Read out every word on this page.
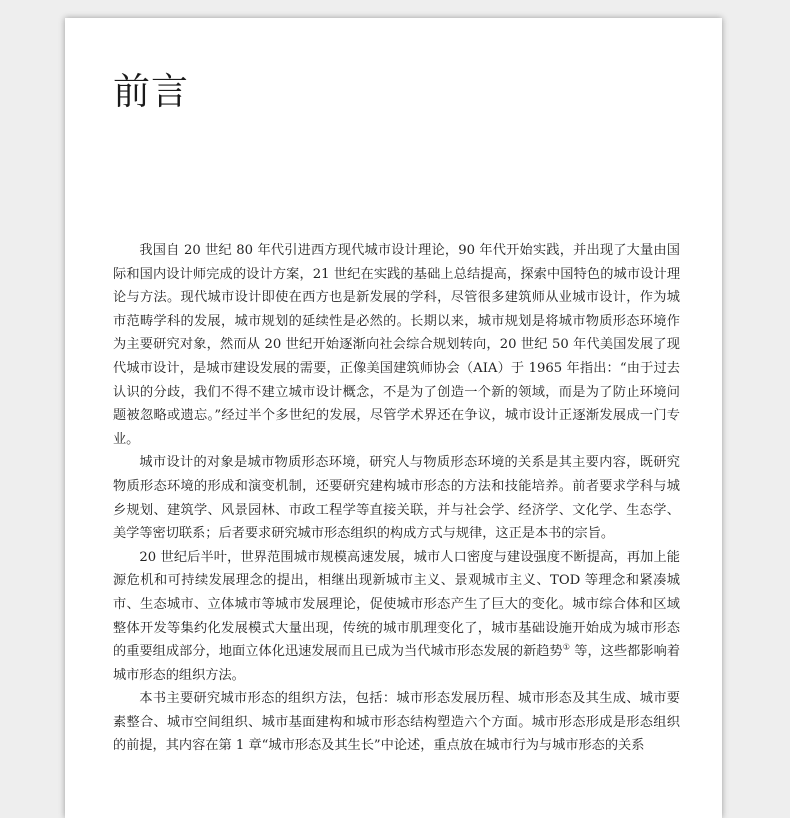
前言

我国自 20 世纪 80 年代引进西方现代城市设计理论，90 年代开始实践，并出现了大量由国际和国内设计师完成的设计方案，21 世纪在实践的基础上总结提高，探索中国特色的城市设计理论与方法。现代城市设计即使在西方也是新发展的学科，尽管很多建筑师从业城市设计，作为城市范畴学科的发展，城市规划的延续性是必然的。长期以来，城市规划是将城市物质形态环境作为主要研究对象，然而从 20 世纪开始逐渐向社会综合规划转向，20 世纪 50 年代美国发展了现代城市设计，是城市建设发展的需要，正像美国建筑师协会（AIA）于 1965 年指出：“由于过去认识的分歧，我们不得不建立城市设计概念，不是为了创造一个新的领域，而是为了防止环境问题被忽略或遗忘。”经过半个多世纪的发展，尽管学术界还在争议，城市设计正逐渐发展成一门专业。

城市设计的对象是城市物质形态环境，研究人与物质形态环境的关系是其主要内容，既研究物质形态环境的形成和演变机制，还要研究建构城市形态的方法和技能培养。前者要求学科与城乡规划、建筑学、风景园林、市政工程学等直接关联，并与社会学、经济学、文化学、生态学、美学等密切联系；后者要求研究城市形态组织的构成方式与规律，这正是本书的宗旨。

20 世纪后半叶，世界范围城市规模高速发展，城市人口密度与建设强度不断提高，再加上能源危机和可持续发展理念的提出，相继出现新城市主义、景观城市主义、TOD 等理念和紧凑城市、生态城市、立体城市等城市发展理论，促使城市形态产生了巨大的变化。城市综合体和区域整体开发等集约化发展模式大量出现，传统的城市肌理变化了，城市基础设施开始成为城市形态的重要组成部分，地面立体化迅速发展而且已成为当代城市形态发展的新趋势① 等，这些都影响着城市形态的组织方法。

本书主要研究城市形态的组织方法，包括：城市形态发展历程、城市形态及其生成、城市要素整合、城市空间组织、城市基面建构和城市形态结构塑造六个方面。城市形态形成是形态组织的前提，其内容在第 1 章“城市形态及其生长”中论述，重点放在城市行为与城市形态的关系
